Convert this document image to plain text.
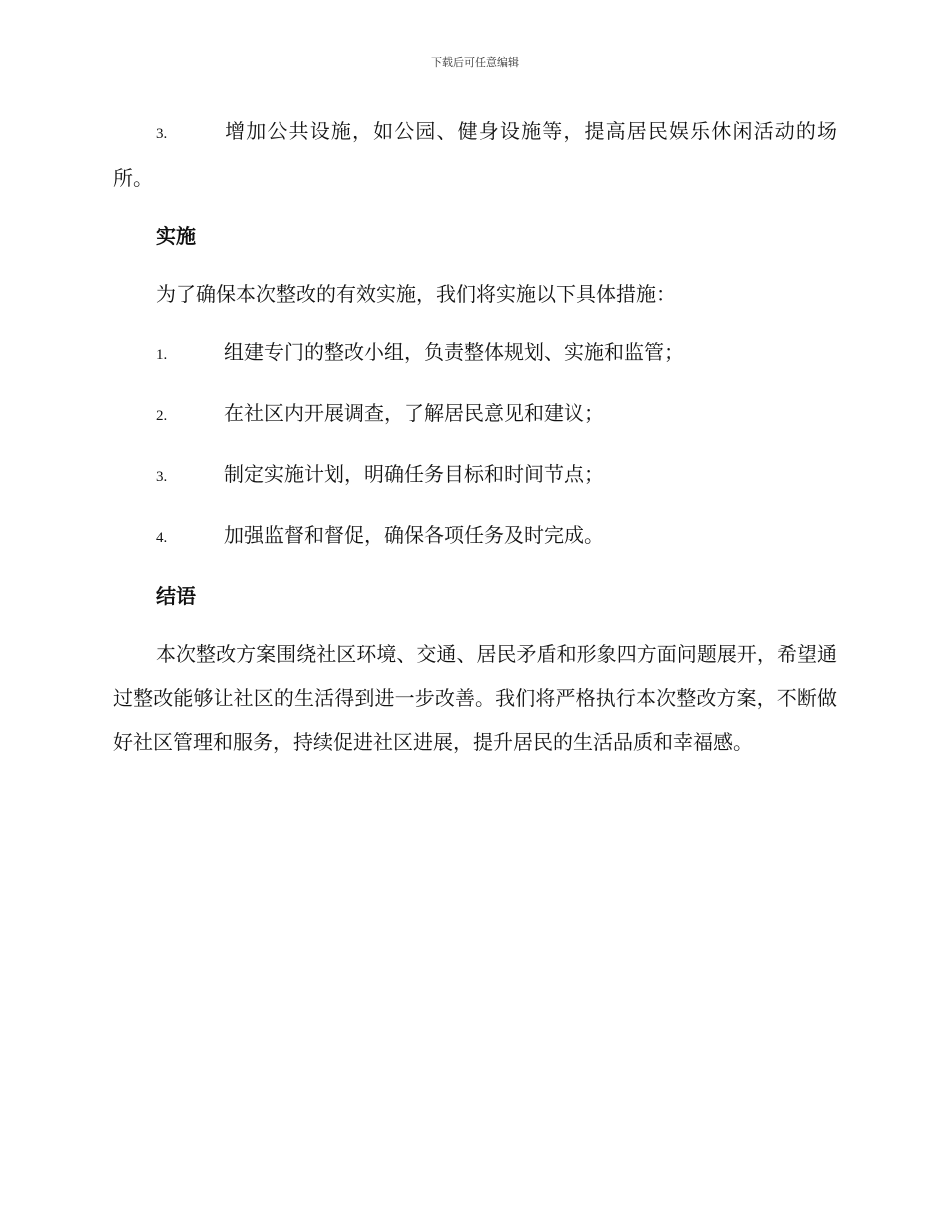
下载后可任意编辑

3.	增加公共设施，如公园、健身设施等，提高居民娱乐休闲活动的场所。

实施

为了确保本次整改的有效实施，我们将实施以下具体措施：

1.	组建专门的整改小组，负责整体规划、实施和监管；
2.	在社区内开展调查，了解居民意见和建议；
3.	制定实施计划，明确任务目标和时间节点；
4.	加强监督和督促，确保各项任务及时完成。
结语

本次整改方案围绕社区环境、交通、居民矛盾和形象四方面问题展开，希望通过整改能够让社区的生活得到进一步改善。我们将严格执行本次整改方案，不断做好社区管理和服务，持续促进社区进展，提升居民的生活品质和幸福感。
